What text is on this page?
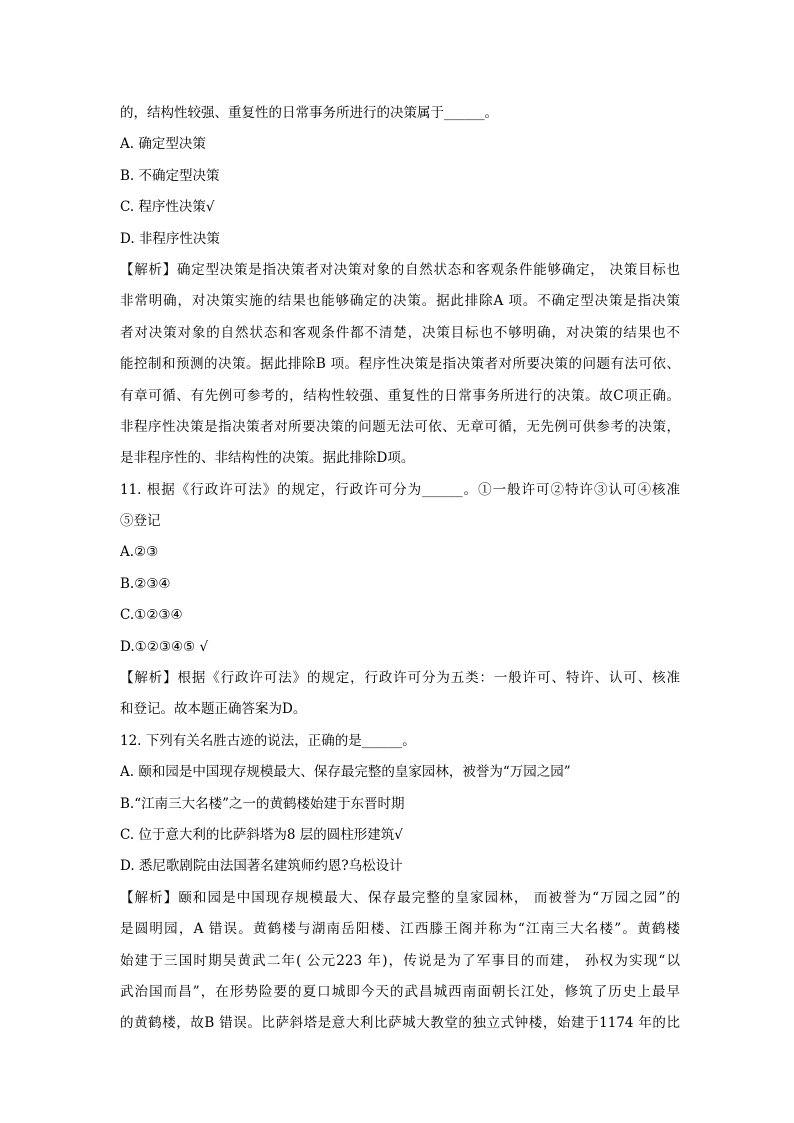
的，结构性较强、重复性的日常事务所进行的决策属于______。
A. 确定型决策
B. 不确定型决策
C. 程序性决策√
D. 非程序性决策
【解析】确定型决策是指决策者对决策对象的自然状态和客观条件能够确定， 决策目标也
非常明确，对决策实施的结果也能够确定的决策。据此排除A 项。不确定型决策是指决策
者对决策对象的自然状态和客观条件都不清楚，决策目标也不够明确，对决策的结果也不
能控制和预测的决策。据此排除B 项。程序性决策是指决策者对所要决策的问题有法可依、
有章可循、有先例可参考的，结构性较强、重复性的日常事务所进行的决策。故C项正确。
非程序性决策是指决策者对所要决策的问题无法可依、无章可循，无先例可供参考的决策，
是非程序性的、非结构性的决策。据此排除D项。
11. 根据《行政许可法》的规定，行政许可分为______。①一般许可②特许③认可④核准
⑤登记
A.②③
B.②③④
C.①②③④
D.①②③④⑤ √
【解析】根据《行政许可法》的规定，行政许可分为五类：一般许可、特许、认可、核准
和登记。故本题正确答案为D。
12. 下列有关名胜古迹的说法，正确的是______。
A. 颐和园是中国现存规模最大、保存最完整的皇家园林，被誉为“万园之园”
B.“江南三大名楼”之一的黄鹤楼始建于东晋时期
C. 位于意大利的比萨斜塔为8 层的圆柱形建筑√
D. 悉尼歌剧院由法国著名建筑师约恩?乌松设计
【解析】颐和园是中国现存规模最大、保存最完整的皇家园林， 而被誉为“万园之园”的
是圆明园，A 错误。黄鹤楼与湖南岳阳楼、江西滕王阁并称为“江南三大名楼”。黄鹤楼
始建于三国时期吴黄武二年( 公元223 年)，传说是为了军事目的而建， 孙权为实现“以
武治国而昌”，在形势险要的夏口城即今天的武昌城西南面朝长江处，修筑了历史上最早
的黄鹤楼，故B 错误。比萨斜塔是意大利比萨城大教堂的独立式钟楼，始建于1174 年的比
